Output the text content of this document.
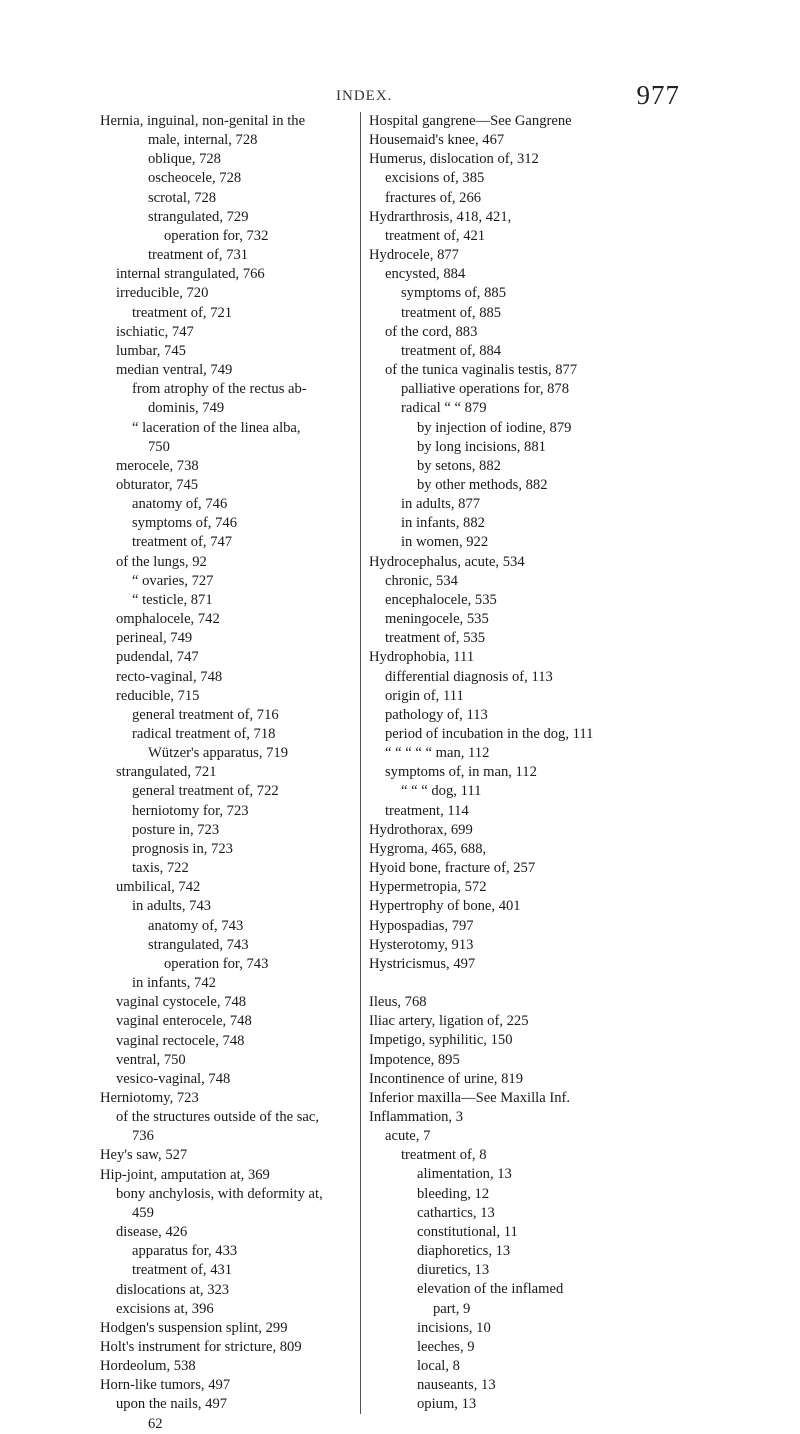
INDEX.	977
Hernia, inguinal, non-genital in the
male, internal, 728
oblique, 728
oscheocele, 728
scrotal, 728
strangulated, 729
operation for, 732
treatment of, 731
internal strangulated, 766
irreducible, 720
treatment of, 721
ischiatic, 747
lumbar, 745
median ventral, 749
from atrophy of the rectus ab-
dominis, 749
“ laceration of the linea alba,
750
merocele, 738
obturator, 745
anatomy of, 746
symptoms of, 746
treatment of, 747
of the lungs, 92
“ ovaries, 727
“ testicle, 871
omphalocele, 742
perineal, 749
pudendal, 747
recto-vaginal, 748
reducible, 715
general treatment of, 716
radical treatment of, 718
Wützer's apparatus, 719
strangulated, 721
general treatment of, 722
herniotomy for, 723
posture in, 723
prognosis in, 723
taxis, 722
umbilical, 742
in adults, 743
anatomy of, 743
strangulated, 743
operation for, 743
in infants, 742
vaginal cystocele, 748
vaginal enterocele, 748
vaginal rectocele, 748
ventral, 750
vesico-vaginal, 748
Herniotomy, 723
of the structures outside of the sac,
736
Hey's saw, 527
Hip-joint, amputation at, 369
bony anchylosis, with deformity at,
459
disease, 426
apparatus for, 433
treatment of, 431
dislocations at, 323
excisions at, 396
Hodgen's suspension splint, 299
Holt's instrument for stricture, 809
Hordeolum, 538
Horn-like tumors, 497
upon the nails, 497
62
Hospital gangrene—See Gangrene
Housemaid's knee, 467
Humerus, dislocation of, 312
excisions of, 385
fractures of, 266
Hydrarthrosis, 418, 421,
treatment of, 421
Hydrocele, 877
encysted, 884
symptoms of, 885
treatment of, 885
of the cord, 883
treatment of, 884
of the tunica vaginalis testis, 877
palliative operations for, 878
radical “ “ 879
by injection of iodine, 879
by long incisions, 881
by setons, 882
by other methods, 882
in adults, 877
in infants, 882
in women, 922
Hydrocephalus, acute, 534
chronic, 534
encephalocele, 535
meningocele, 535
treatment of, 535
Hydrophobia, 111
differential diagnosis of, 113
origin of, 111
pathology of, 113
period of incubation in the dog, 111
“ “ “ “ “ man, 112
symptoms of, in man, 112
“ “ “ dog, 111
treatment, 114
Hydrothorax, 699
Hygroma, 465, 688,
Hyoid bone, fracture of, 257
Hypermetropia, 572
Hypertrophy of bone, 401
Hypospadias, 797
Hysterotomy, 913
Hystricismus, 497
Ileus, 768
Iliac artery, ligation of, 225
Impetigo, syphilitic, 150
Impotence, 895
Incontinence of urine, 819
Inferior maxilla—See Maxilla Inf.
Inflammation, 3
acute, 7
treatment of, 8
alimentation, 13
bleeding, 12
cathartics, 13
constitutional, 11
diaphoretics, 13
diuretics, 13
elevation of the inflamed
part, 9
incisions, 10
leeches, 9
local, 8
nauseants, 13
opium, 13
